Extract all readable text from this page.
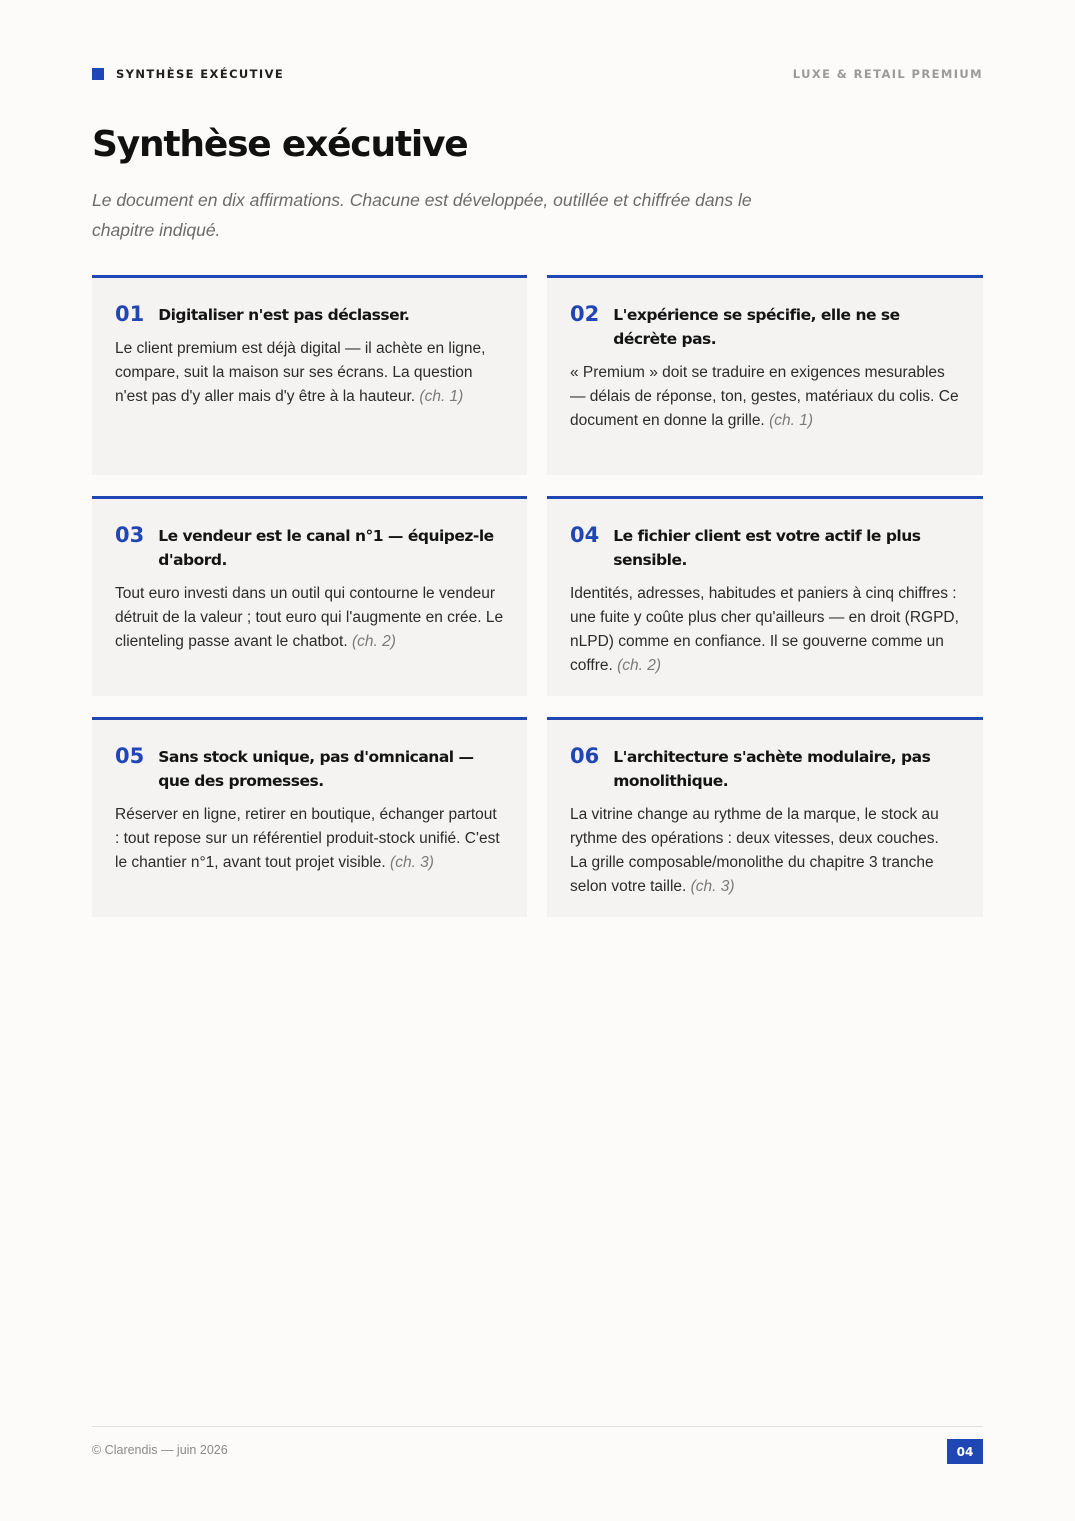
SYNTHÈSE EXÉCUTIVE	LUXE & RETAIL PREMIUM
Synthèse exécutive

Le document en dix affirmations. Chacune est développée, outillée et chiffrée dans le chapitre indiqué.

01 Digitaliser n'est pas déclasser.

Le client premium est déjà digital — il achète en ligne, compare, suit la maison sur ses écrans. La question n'est pas d'y aller mais d'y être à la hauteur. (ch. 1)

02 L'expérience se spécifie, elle ne se décrète pas.

« Premium » doit se traduire en exigences mesurables — délais de réponse, ton, gestes, matériaux du colis. Ce document en donne la grille. (ch. 1)

03 Le vendeur est le canal n°1 — équipez-le d'abord.

Tout euro investi dans un outil qui contourne le vendeur détruit de la valeur ; tout euro qui l'augmente en crée. Le clienteling passe avant le chatbot. (ch. 2)

04 Le fichier client est votre actif le plus sensible.

Identités, adresses, habitudes et paniers à cinq chiffres : une fuite y coûte plus cher qu'ailleurs — en droit (RGPD, nLPD) comme en confiance. Il se gouverne comme un coffre. (ch. 2)

05 Sans stock unique, pas d'omnicanal — que des promesses.

Réserver en ligne, retirer en boutique, échanger partout : tout repose sur un référentiel produit-stock unifié. C'est le chantier n°1, avant tout projet visible. (ch. 3)

06 L'architecture s'achète modulaire, pas monolithique.

La vitrine change au rythme de la marque, le stock au rythme des opérations : deux vitesses, deux couches. La grille composable/monolithe du chapitre 3 tranche selon votre taille. (ch. 3)

© Clarendis — juin 2026	04
